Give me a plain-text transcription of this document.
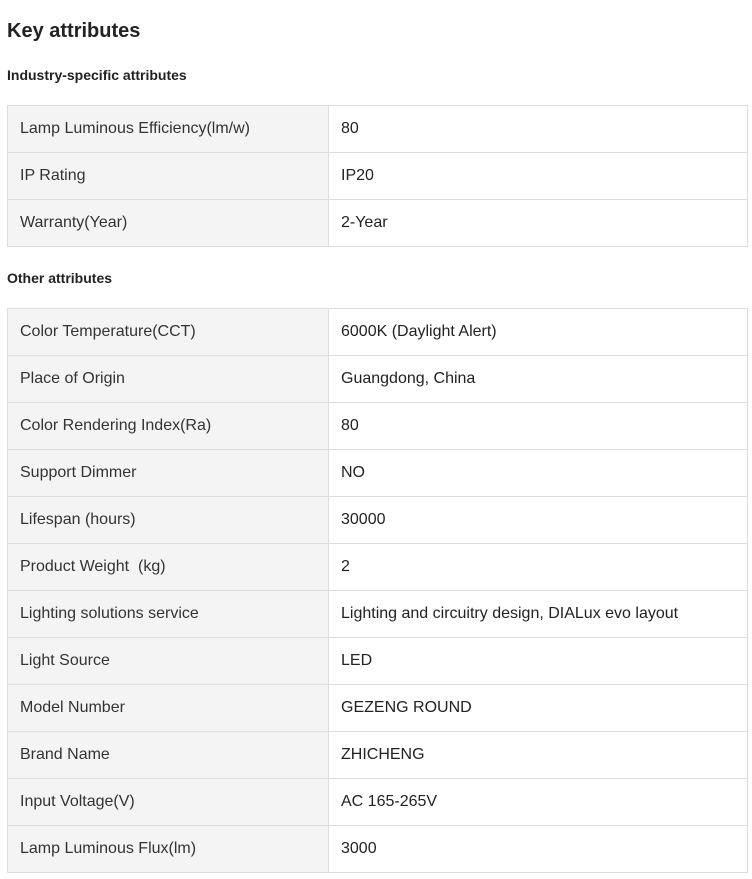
Key attributes
Industry-specific attributes
Lamp Luminous Efficiency(lm/w)	80
IP Rating	IP20
Warranty(Year)	2-Year
Other attributes
Color Temperature(CCT)	6000K (Daylight Alert)
Place of Origin	Guangdong, China
Color Rendering Index(Ra)	80
Support Dimmer	NO
Lifespan (hours)	30000
Product Weight  (kg)	2
Lighting solutions service	Lighting and circuitry design, DIALux evo layout
Light Source	LED
Model Number	GEZENG ROUND
Brand Name	ZHICHENG
Input Voltage(V)	AC 165-265V
Lamp Luminous Flux(lm)	3000
